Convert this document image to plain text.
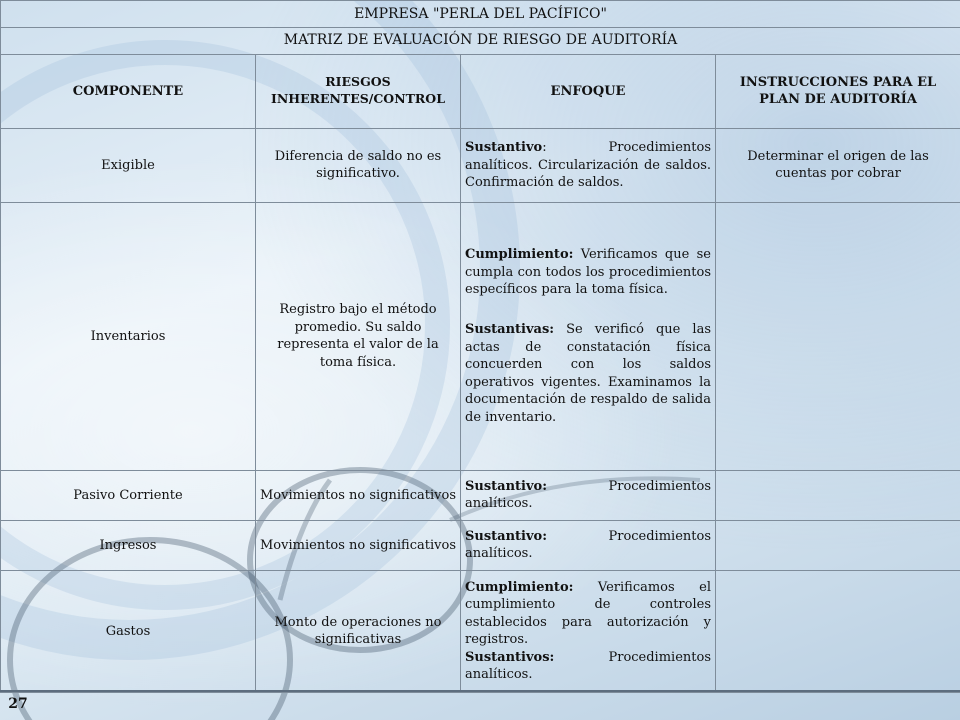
EMPRESA "PERLA DEL PACÍFICO"			
MATRIZ DE EVALUACIÓN DE RIESGO DE AUDITORÍA			
COMPONENTE	RIESGOS INHERENTES/CONTROL	ENFOQUE	INSTRUCCIONES PARA EL PLAN DE AUDITORÍA
Exigible	Diferencia de saldo no es significativo.	Sustantivo: Procedimientos analíticos. Circularización de saldos. Confirmación de saldos.	Determinar el origen de las cuentas por cobrar
Inventarios	Registro bajo el método promedio. Su saldo representa el valor de la toma física.	Cumplimiento: Verificamos que se cumpla con todos los procedimientos específicos para la toma física.
Sustantivas: Se verificó que las actas de constatación física concuerden con los saldos operativos vigentes. Examinamos la documentación de respaldo de salida de inventario.	

Pasivo Corriente	Movimientos no significativos	Sustantivo: Procedimientos analíticos.	

Ingresos	Movimientos no significativos	Sustantivo: Procedimientos analíticos.	

Gastos	Monto de operaciones no significativas	Cumplimiento: Verificamos el cumplimiento de controles establecidos para autorización y registros.
Sustantivos: Procedimientos analíticos.	

27
